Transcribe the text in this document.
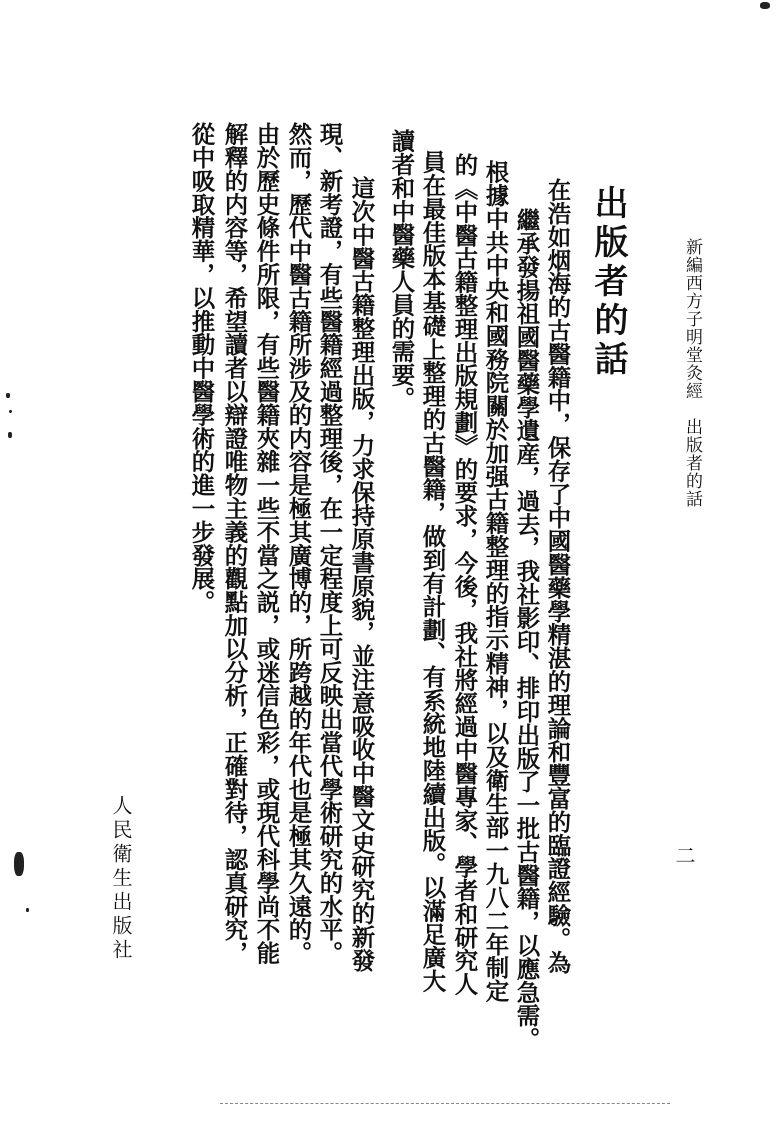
新編西方子明堂灸經　出版者的話
二
出版者的話
在浩如烟海的古醫籍中，保存了中國醫藥學精湛的理論和豐富的臨證經驗。為
繼承發揚祖國醫藥學遺産，過去，我社影印、排印出版了一批古醫籍，以應急需。
根據中共中央和國務院關於加强古籍整理的指示精神，以及衛生部一九八二年制定
的《中醫古籍整理出版規劃》的要求，今後，我社將經過中醫專家、學者和研究人
員在最佳版本基礎上整理的古醫籍，做到有計劃、有系統地陸續出版。以滿足廣大
讀者和中醫藥人員的需要。
這次中醫古籍整理出版，力求保持原書原貌，並注意吸收中醫文史研究的新發
現、新考證，有些醫籍經過整理後，在一定程度上可反映出當代學術研究的水平。
然而，歷代中醫古籍所涉及的内容是極其廣博的，所跨越的年代也是極其久遠的。
由於歷史條件所限，有些醫籍夾雜一些不當之説，或迷信色彩，或現代科學尚不能
解釋的内容等，希望讀者以辯證唯物主義的觀點加以分析，正確對待，認真研究，
從中吸取精華，以推動中醫學術的進一步發展。
人民衛生出版社
